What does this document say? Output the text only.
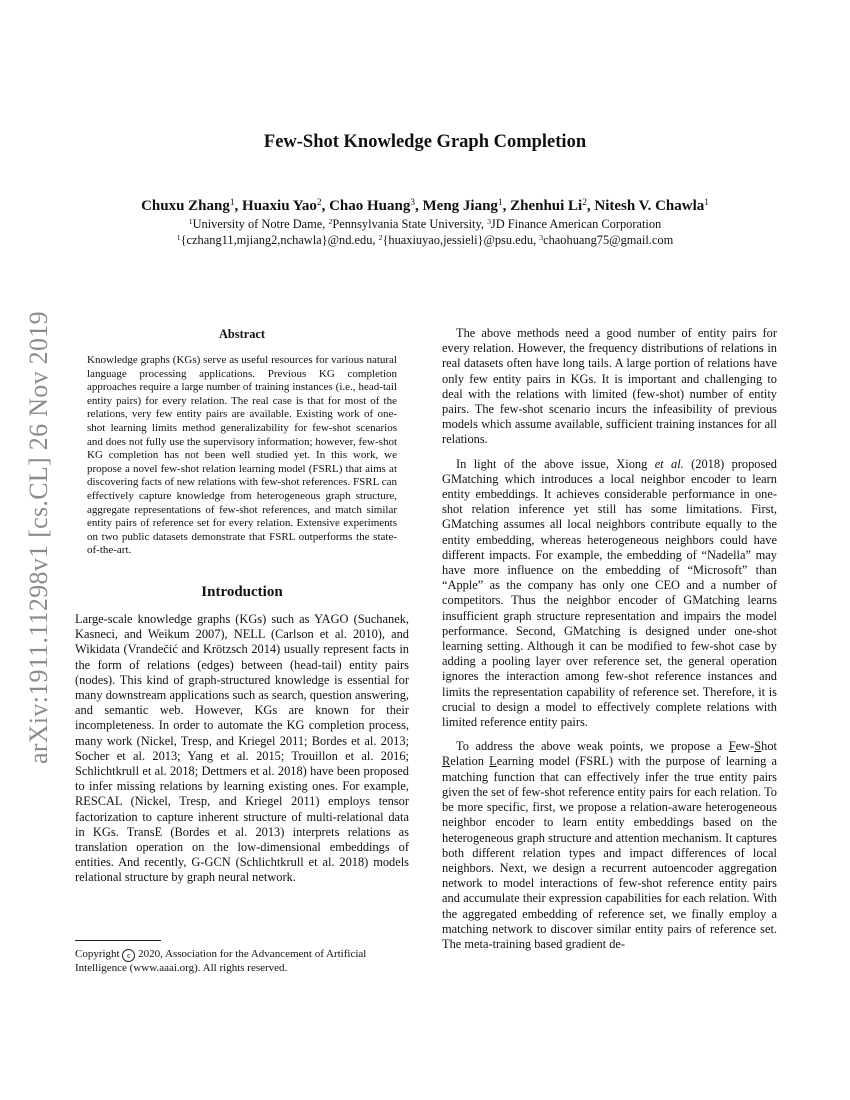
Few-Shot Knowledge Graph Completion
Chuxu Zhang$^1$, Huaxiu Yao$^2$, Chao Huang$^3$, Meng Jiang$^1$, Zhenhui Li$^2$, Nitesh V. Chawla$^1$
$^1$University of Notre Dame, $^2$Pennsylvania State University, $^3$JD Finance American Corporation
$^1${czhang11,mjiang2,nchawla}@nd.edu, $^2${huaxiuyao,jessieli}@psu.edu, $^3$chaohuang75@gmail.com
arXiv:1911.11298v1 [cs.CL] 26 Nov 2019	Abstract

Knowledge graphs (KGs) serve as useful resources for various natural language processing applications. Previous KG completion approaches require a large number of training instances (i.e., head-tail entity pairs) for every relation. The real case is that for most of the relations, very few entity pairs are available. Existing work of one-shot learning limits method generalizability for few-shot scenarios and does not fully use the supervisory information; however, few-shot KG completion has not been well studied yet. In this work, we propose a novel few-shot relation learning model (FSRL) that aims at discovering facts of new relations with few-shot references. FSRL can effectively capture knowledge from heterogeneous graph structure, aggregate representations of few-shot references, and match similar entity pairs of reference set for every relation. Extensive experiments on two public datasets demonstrate that FSRL outperforms the state-of-the-art.

Introduction

Large-scale knowledge graphs (KGs) such as YAGO (Suchanek, Kasneci, and Weikum 2007), NELL (Carlson et al. 2010), and Wikidata (Vrandečić and Krötzsch 2014) usually represent facts in the form of relations (edges) between (head-tail) entity pairs (nodes). This kind of graph-structured knowledge is essential for many downstream applications such as search, question answering, and semantic web. However, KGs are known for their incompleteness. In order to automate the KG completion process, many work (Nickel, Tresp, and Kriegel 2011; Bordes et al. 2013; Socher et al. 2013; Yang et al. 2015; Trouillon et al. 2016; Schlichtkrull et al. 2018; Dettmers et al. 2018) have been proposed to infer missing relations by learning existing ones. For example, RESCAL (Nickel, Tresp, and Kriegel 2011) employs tensor factorization to capture inherent structure of multi-relational data in KGs. TransE (Bordes et al. 2013) interprets relations as translation operation on the low-dimensional embeddings of entities. And recently, G-GCN (Schlichtkrull et al. 2018) models relational structure by graph neural network.

Copyright c 2020, Association for the Advancement of Artificial Intelligence (www.aaai.org). All rights reserved.

The above methods need a good number of entity pairs for every relation. However, the frequency distributions of relations in real datasets often have long tails. A large portion of relations have only few entity pairs in KGs. It is important and challenging to deal with the relations with limited (few-shot) number of entity pairs. The few-shot scenario incurs the infeasibility of previous models which assume available, sufficient training instances for all relations.

In light of the above issue, Xiong et al. (2018) proposed GMatching which introduces a local neighbor encoder to learn entity embeddings. It achieves considerable performance in one-shot relation inference yet still has some limitations. First, GMatching assumes all local neighbors contribute equally to the entity embedding, whereas heterogeneous neighbors could have different impacts. For example, the embedding of “Nadella” may have more influence on the embedding of “Microsoft” than “Apple” as the company has only one CEO and a number of competitors. Thus the neighbor encoder of GMatching learns insufficient graph structure representation and impairs the model performance. Second, GMatching is designed under one-shot learning setting. Although it can be modified to few-shot case by adding a pooling layer over reference set, the general operation ignores the interaction among few-shot reference instances and limits the representation capability of reference set. Therefore, it is crucial to design a model to effectively complete relations with limited reference entity pairs.

To address the above weak points, we propose a Few-Shot Relation Learning model (FSRL) with the purpose of learning a matching function that can effectively infer the true entity pairs given the set of few-shot reference entity pairs for each relation. To be more specific, first, we propose a relation-aware heterogeneous neighbor encoder to learn entity embeddings based on the heterogeneous graph structure and attention mechanism. It captures both different relation types and impact differences of local neighbors. Next, we design a recurrent autoencoder aggregation network to model interactions of few-shot reference entity pairs and accumulate their expression capabilities for each relation. With the aggregated embedding of reference set, we finally employ a matching network to discover similar entity pairs of reference set. The meta-training based gradient de-
